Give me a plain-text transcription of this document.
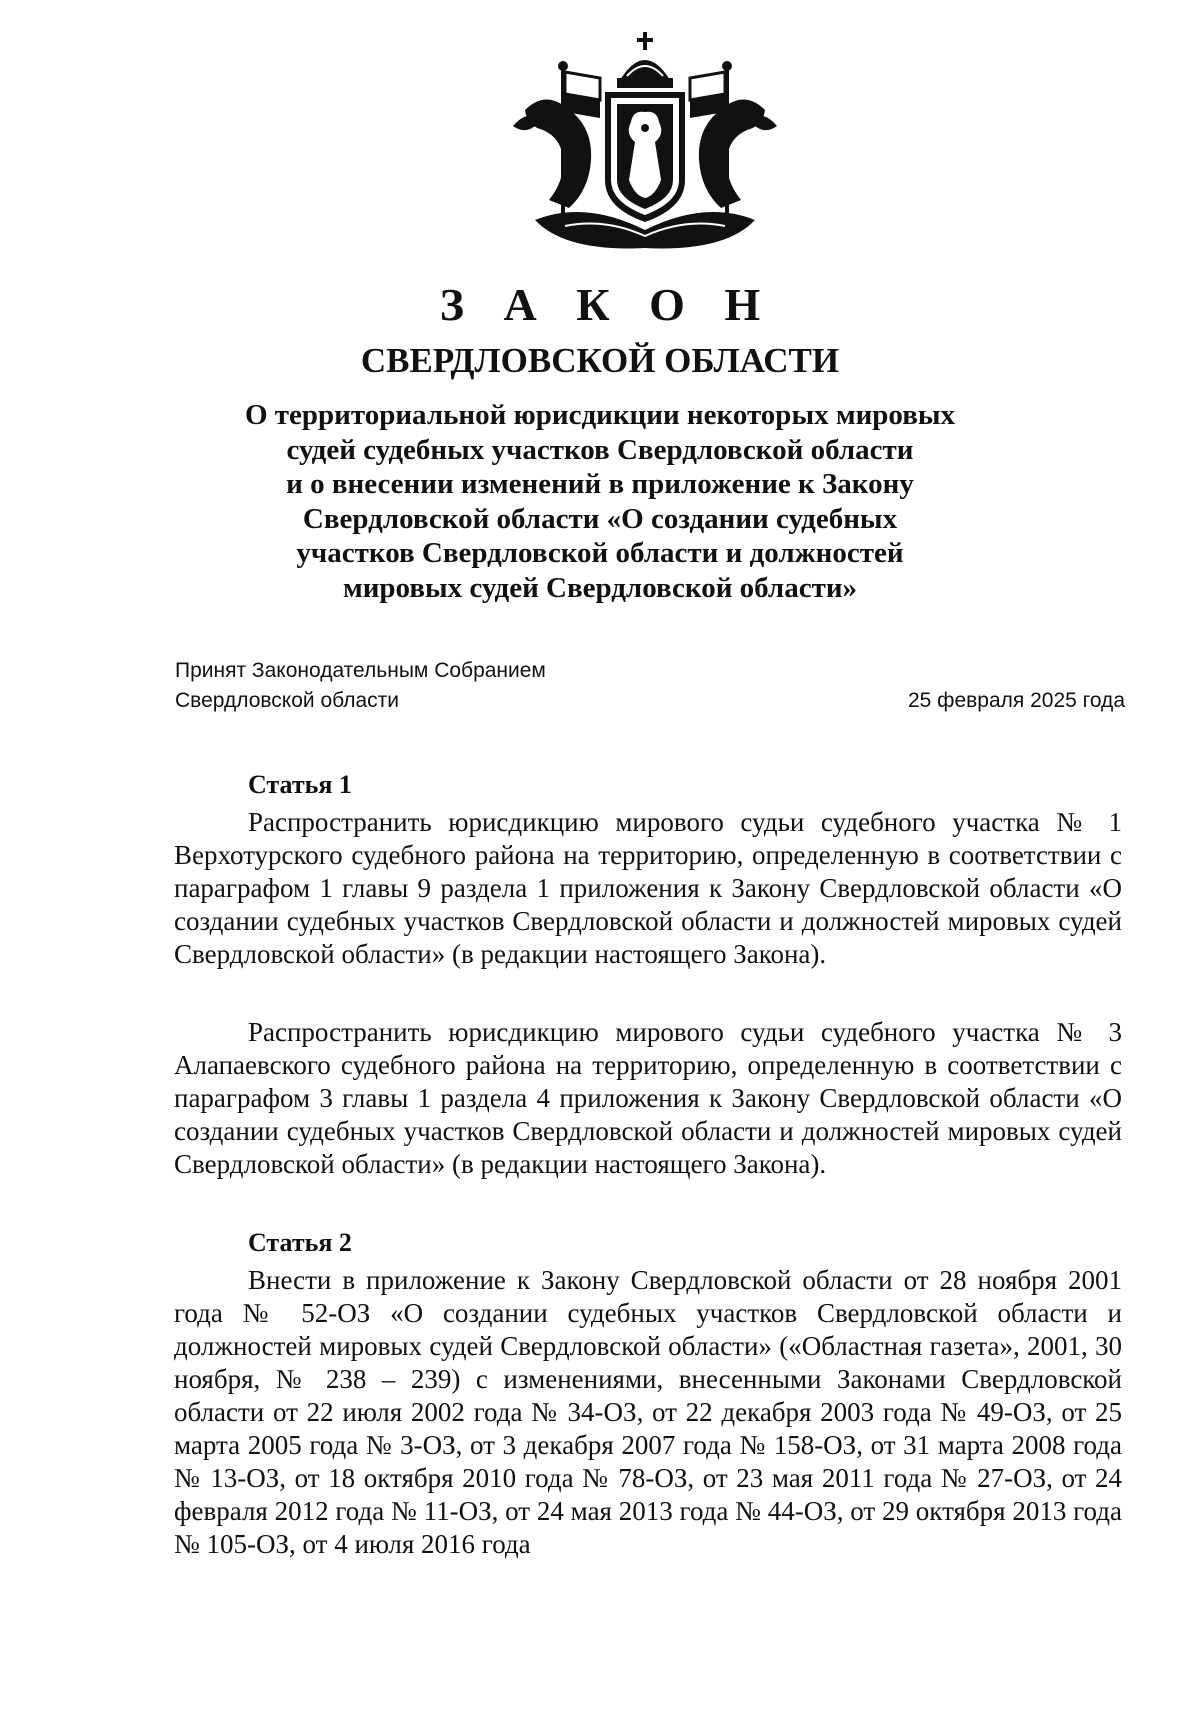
З А К О Н
СВЕРДЛОВСКОЙ ОБЛАСТИ
О территориальной юрисдикции некоторых мировых
судей судебных участков Свердловской области
и о внесении изменений в приложение к Закону
Свердловской области «О создании судебных
участков Свердловской области и должностей
мировых судей Свердловской области»
Принят Законодательным Собранием
Свердловской области	25 февраля 2025 года
Статья 1

Распространить юрисдикцию мирового судьи судебного участка № 1 Верхотурского судебного района на территорию, определенную в соответствии с параграфом 1 главы 9 раздела 1 приложения к Закону Свердловской области «О создании судебных участков Свердловской области и должностей мировых судей Свердловской области» (в редакции настоящего Закона).

Распространить юрисдикцию мирового судьи судебного участка № 3 Алапаевского судебного района на территорию, определенную в соответствии с параграфом 3 главы 1 раздела 4 приложения к Закону Свердловской области «О создании судебных участков Свердловской области и должностей мировых судей Свердловской области» (в редакции настоящего Закона).

Статья 2

Внести в приложение к Закону Свердловской области от 28 ноября 2001 года № 52-ОЗ «О создании судебных участков Свердловской области и должностей мировых судей Свердловской области» («Областная газета», 2001, 30 ноября, № 238 – 239) с изменениями, внесенными Законами Свердловской области от 22 июля 2002 года № 34-ОЗ, от 22 декабря 2003 года № 49-ОЗ, от 25 марта 2005 года № 3-ОЗ, от 3 декабря 2007 года № 158-ОЗ, от 31 марта 2008 года № 13-ОЗ, от 18 октября 2010 года № 78-ОЗ, от 23 мая 2011 года № 27-ОЗ, от 24 февраля 2012 года № 11-ОЗ, от 24 мая 2013 года № 44-ОЗ, от 29 октября 2013 года № 105-ОЗ, от 4 июля 2016 года
